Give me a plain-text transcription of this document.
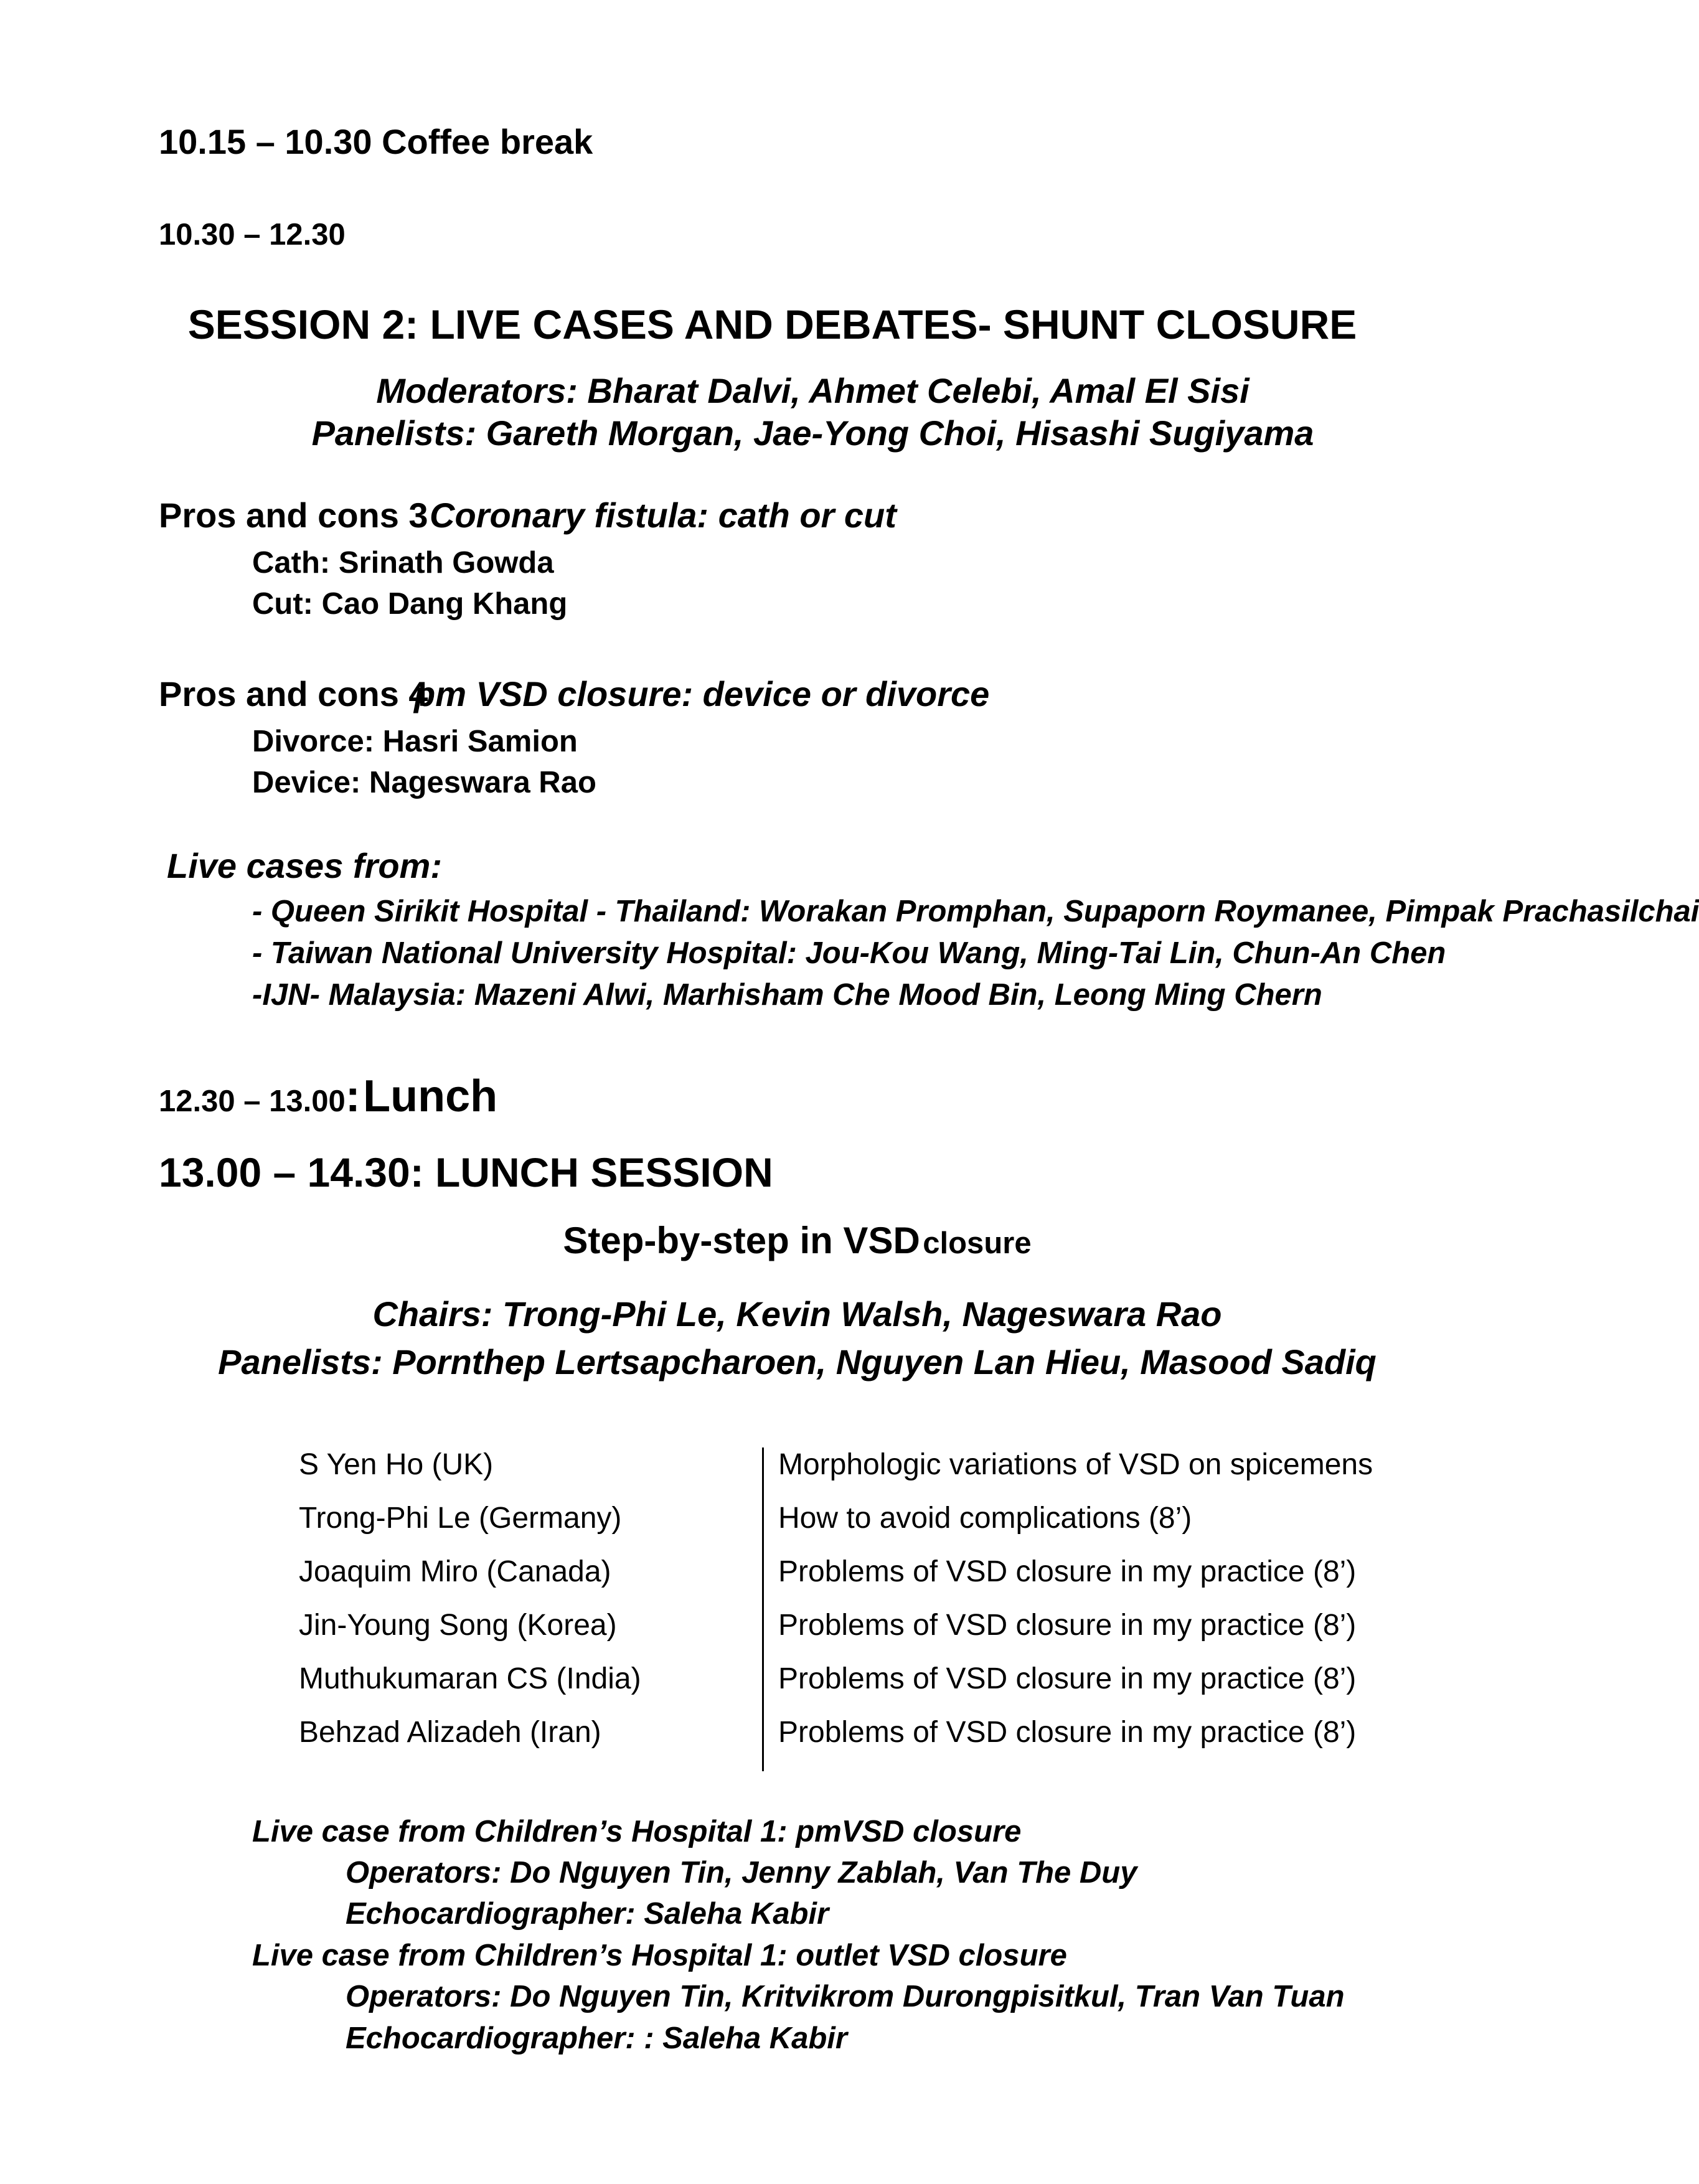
10.15 – 10.30 Coffee break
10.30 – 12.30
SESSION 2: LIVE CASES AND DEBATES- SHUNT CLOSURE
Moderators: Bharat Dalvi, Ahmet Celebi, Amal El Sisi
Panelists: Gareth Morgan, Jae-Yong Choi, Hisashi Sugiyama
Pros and cons 3 Coronary fistula: cath or cut
Cath: Srinath Gowda
Cut: Cao Dang Khang
Pros and cons 4
pm VSD closure: device or divorce
Divorce: Hasri Samion
Device: Nageswara Rao
Live cases from:
- Queen Sirikit Hospital - Thailand: Worakan Promphan, Supaporn Roymanee, Pimpak Prachasilchai
- Taiwan National University Hospital: Jou-Kou Wang, Ming-Tai Lin, Chun-An Chen
-IJN- Malaysia: Mazeni Alwi, Marhisham Che Mood Bin, Leong Ming Chern
12.30 – 13.00: Lunch
13.00 – 14.30: LUNCH SESSION
Step-by-step in VSD closure
Chairs: Trong-Phi Le, Kevin Walsh, Nageswara Rao
Panelists: Pornthep Lertsapcharoen, Nguyen Lan Hieu, Masood Sadiq
S Yen Ho (UK)	Morphologic variations of VSD on spicemens
Trong-Phi Le (Germany)	How to avoid complications (8’)
Joaquim Miro (Canada)	Problems of VSD closure in my practice (8’)
Jin-Young Song (Korea)	Problems of VSD closure in my practice (8’)
Muthukumaran CS (India)	Problems of VSD closure in my practice (8’)
Behzad Alizadeh (Iran)	Problems of VSD closure in my practice (8’)
Live case from Children’s Hospital 1: pmVSD closure
Operators: Do Nguyen Tin, Jenny Zablah, Van The Duy
Echocardiographer: Saleha Kabir
Live case from Children’s Hospital 1: outlet VSD closure
Operators: Do Nguyen Tin, Kritvikrom Durongpisitkul, Tran Van Tuan
Echocardiographer: : Saleha Kabir
